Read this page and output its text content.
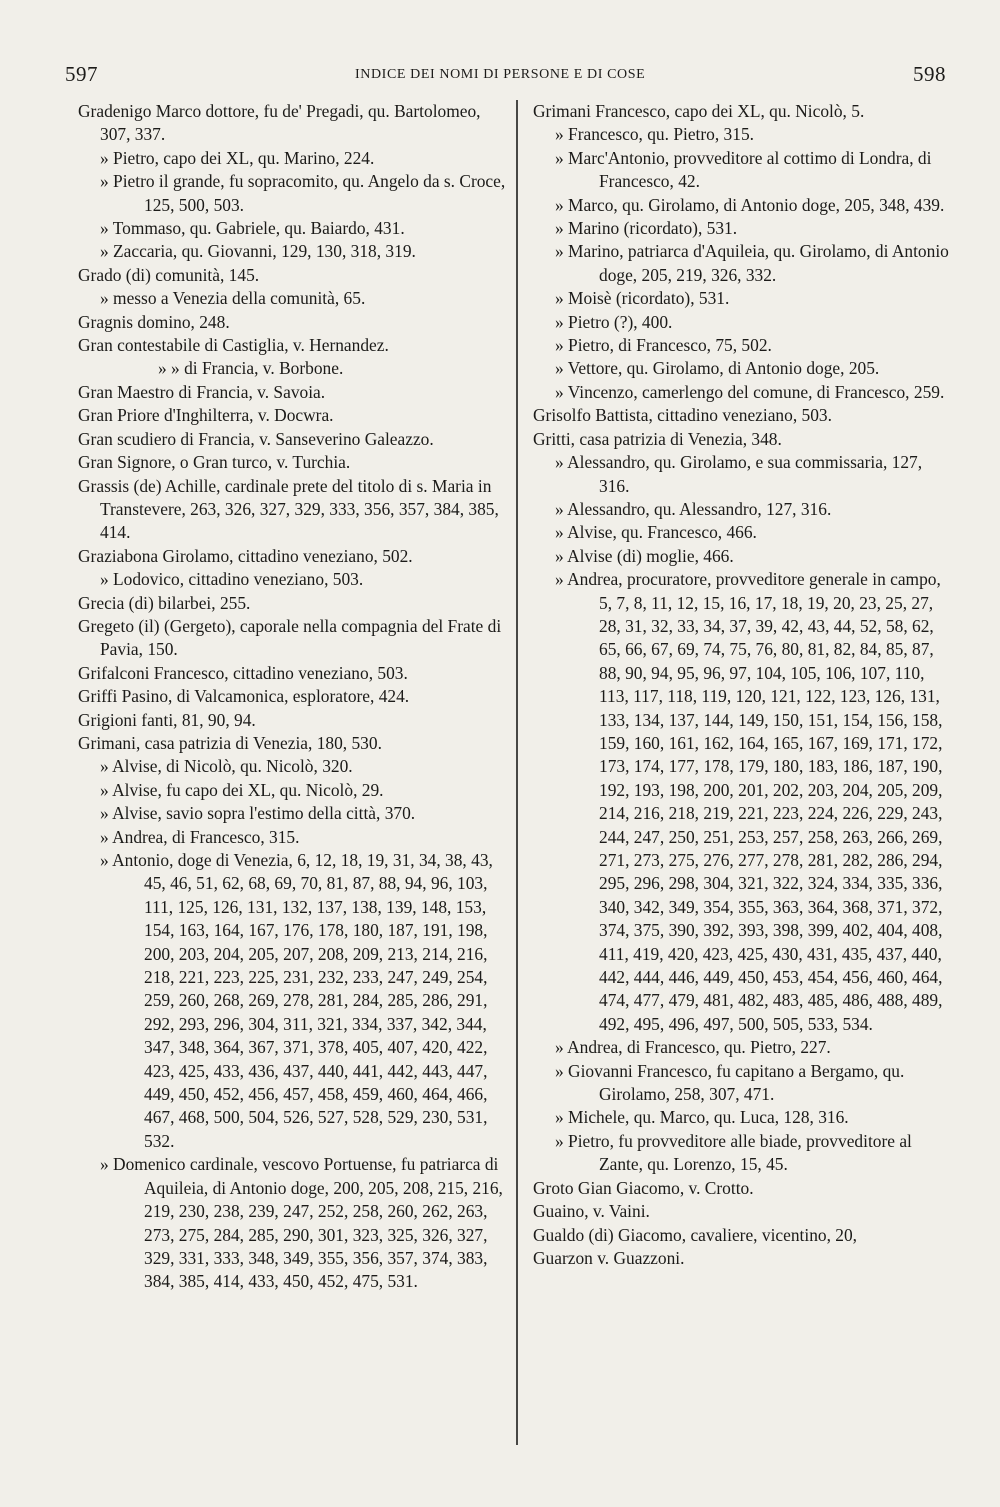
597	INDICE DEI NOMI DI PERSONE E DI COSE	598

Gradenigo Marco dottore, fu de' Pregadi, qu. Bartolomeo, 307, 337.

» Pietro, capo dei XL, qu. Marino, 224.

» Pietro il grande, fu sopracomito, qu. Angelo da s. Croce, 125, 500, 503.

» Tommaso, qu. Gabriele, qu. Baiardo, 431.

» Zaccaria, qu. Giovanni, 129, 130, 318, 319.

Grado (di) comunità, 145.

» messo a Venezia della comunità, 65.

Gragnis domino, 248.

Gran contestabile di Castiglia, v. Hernandez.

» » di Francia, v. Borbone.

Gran Maestro di Francia, v. Savoia.

Gran Priore d'Inghilterra, v. Docwra.

Gran scudiero di Francia, v. Sanseverino Galeazzo.

Gran Signore, o Gran turco, v. Turchia.

Grassis (de) Achille, cardinale prete del titolo di s. Maria in Transtevere, 263, 326, 327, 329, 333, 356, 357, 384, 385, 414.

Graziabona Girolamo, cittadino veneziano, 502.

» Lodovico, cittadino veneziano, 503.

Grecia (di) bilarbei, 255.

Gregeto (il) (Gergeto), caporale nella compagnia del Frate di Pavia, 150.

Grifalconi Francesco, cittadino veneziano, 503.

Griffi Pasino, di Valcamonica, esploratore, 424.

Grigioni fanti, 81, 90, 94.

Grimani, casa patrizia di Venezia, 180, 530.

» Alvise, di Nicolò, qu. Nicolò, 320.

» Alvise, fu capo dei XL, qu. Nicolò, 29.

» Alvise, savio sopra l'estimo della città, 370.

» Andrea, di Francesco, 315.

» Antonio, doge di Venezia, 6, 12, 18, 19, 31, 34, 38, 43, 45, 46, 51, 62, 68, 69, 70, 81, 87, 88, 94, 96, 103, 111, 125, 126, 131, 132, 137, 138, 139, 148, 153, 154, 163, 164, 167, 176, 178, 180, 187, 191, 198, 200, 203, 204, 205, 207, 208, 209, 213, 214, 216, 218, 221, 223, 225, 231, 232, 233, 247, 249, 254, 259, 260, 268, 269, 278, 281, 284, 285, 286, 291, 292, 293, 296, 304, 311, 321, 334, 337, 342, 344, 347, 348, 364, 367, 371, 378, 405, 407, 420, 422, 423, 425, 433, 436, 437, 440, 441, 442, 443, 447, 449, 450, 452, 456, 457, 458, 459, 460, 464, 466, 467, 468, 500, 504, 526, 527, 528, 529, 230, 531, 532.

» Domenico cardinale, vescovo Portuense, fu patriarca di Aquileia, di Antonio doge, 200, 205, 208, 215, 216, 219, 230, 238, 239, 247, 252, 258, 260, 262, 263, 273, 275, 284, 285, 290, 301, 323, 325, 326, 327, 329, 331, 333, 348, 349, 355, 356, 357, 374, 383, 384, 385, 414, 433, 450, 452, 475, 531.

Grimani Francesco, capo dei XL, qu. Nicolò, 5.

» Francesco, qu. Pietro, 315.

» Marc'Antonio, provveditore al cottimo di Londra, di Francesco, 42.

» Marco, qu. Girolamo, di Antonio doge, 205, 348, 439.

» Marino (ricordato), 531.

» Marino, patriarca d'Aquileia, qu. Girolamo, di Antonio doge, 205, 219, 326, 332.

» Moisè (ricordato), 531.

» Pietro (?), 400.

» Pietro, di Francesco, 75, 502.

» Vettore, qu. Girolamo, di Antonio doge, 205.

» Vincenzo, camerlengo del comune, di Francesco, 259.

Grisolfo Battista, cittadino veneziano, 503.

Gritti, casa patrizia di Venezia, 348.

» Alessandro, qu. Girolamo, e sua commissaria, 127, 316.

» Alessandro, qu. Alessandro, 127, 316.

» Alvise, qu. Francesco, 466.

» Alvise (di) moglie, 466.

» Andrea, procuratore, provveditore generale in campo, 5, 7, 8, 11, 12, 15, 16, 17, 18, 19, 20, 23, 25, 27, 28, 31, 32, 33, 34, 37, 39, 42, 43, 44, 52, 58, 62, 65, 66, 67, 69, 74, 75, 76, 80, 81, 82, 84, 85, 87, 88, 90, 94, 95, 96, 97, 104, 105, 106, 107, 110, 113, 117, 118, 119, 120, 121, 122, 123, 126, 131, 133, 134, 137, 144, 149, 150, 151, 154, 156, 158, 159, 160, 161, 162, 164, 165, 167, 169, 171, 172, 173, 174, 177, 178, 179, 180, 183, 186, 187, 190, 192, 193, 198, 200, 201, 202, 203, 204, 205, 209, 214, 216, 218, 219, 221, 223, 224, 226, 229, 243, 244, 247, 250, 251, 253, 257, 258, 263, 266, 269, 271, 273, 275, 276, 277, 278, 281, 282, 286, 294, 295, 296, 298, 304, 321, 322, 324, 334, 335, 336, 340, 342, 349, 354, 355, 363, 364, 368, 371, 372, 374, 375, 390, 392, 393, 398, 399, 402, 404, 408, 411, 419, 420, 423, 425, 430, 431, 435, 437, 440, 442, 444, 446, 449, 450, 453, 454, 456, 460, 464, 474, 477, 479, 481, 482, 483, 485, 486, 488, 489, 492, 495, 496, 497, 500, 505, 533, 534.

» Andrea, di Francesco, qu. Pietro, 227.

» Giovanni Francesco, fu capitano a Bergamo, qu. Girolamo, 258, 307, 471.

» Michele, qu. Marco, qu. Luca, 128, 316.

» Pietro, fu provveditore alle biade, provveditore al Zante, qu. Lorenzo, 15, 45.

Groto Gian Giacomo, v. Crotto.

Guaino, v. Vaini.

Gualdo (di) Giacomo, cavaliere, vicentino, 20,

Guarzon v. Guazzoni.
